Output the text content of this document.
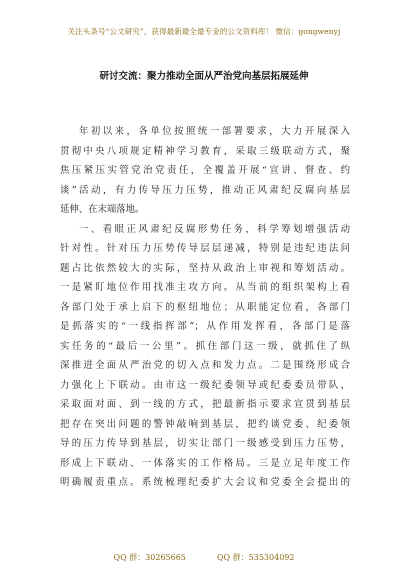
关注头条号“公文研究”，获得最新最全最专业的公文资料库！ 微信：gongwenyj
研讨交流：聚力推动全面从严治党向基层拓展延伸
年初以来，各单位按照统一部署要求，大力开展深入
贯彻中央八项规定精神学习教育，采取三级联动方式，聚
焦压紧压实管党治党责任，全覆盖开展“宣讲、督查、约
谈”活动，有力传导压力压势，推动正风肃纪反腐向基层
延伸、在末端落地。
一、看眼正风肃纪反腐形势任务，科学筹划增强活动
针对性。针对压力压势传导层层递减，特别是违纪违法问
题占比依然较大的实际，坚持从政治上审视和筹划活动。
一是紧盯地位作用找准主攻方向。从当前的组织架构上看
各部门处于承上启下的枢纽地位；从职能定位看，各部门
是抓落实的“一线指挥部”；从作用发挥看，各部门是落
实任务的“最后一公里”。抓住部门这一级，就抓住了纵
深推进全面从严治党的切入点和发力点。二是围绕形成合
力强化上下联动。由市这一级纪委领导或纪委委员带队，
采取面对面、到一线的方式，把最新指示要求宣贯到基层
把存在突出问题的警钟敲响到基层，把约谈党委、纪委领
导的压力传导到基层，切实让部门一级感受到压力压势，
形成上下联动、一体落实的工作格局。三是立足年度工作
明确履责重点。系统梳理纪委扩大会议和党委全会提出的
QQ 群：30265665	QQ 群：535304092
